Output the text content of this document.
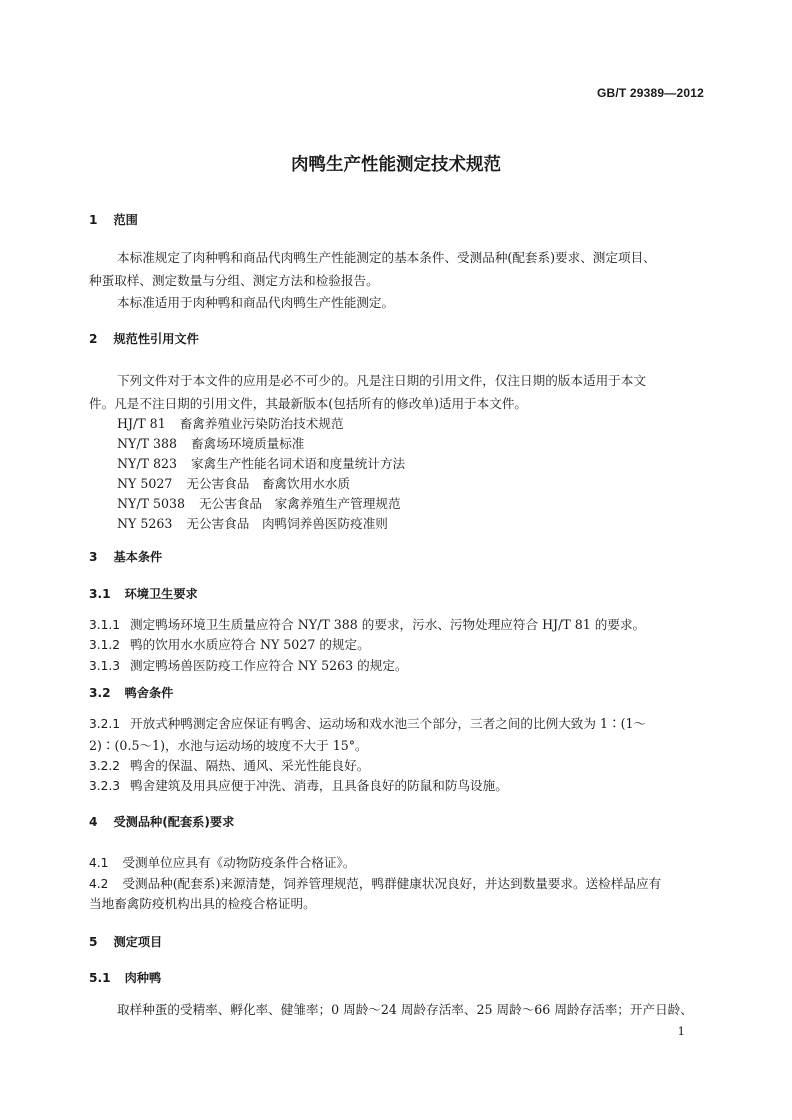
GB/T 29389—2012
肉鸭生产性能测定技术规范
1 范围
本标准规定了肉种鸭和商品代肉鸭生产性能测定的基本条件、受测品种(配套系)要求、测定项目、
种蛋取样、测定数量与分组、测定方法和检验报告。
本标准适用于肉种鸭和商品代肉鸭生产性能测定。
2 规范性引用文件
下列文件对于本文件的应用是必不可少的。凡是注日期的引用文件，仅注日期的版本适用于本文
件。凡是不注日期的引用文件，其最新版本(包括所有的修改单)适用于本文件。
HJ/T 81 畜禽养殖业污染防治技术规范
NY/T 388 畜禽场环境质量标准
NY/T 823 家禽生产性能名词术语和度量统计方法
NY 5027 无公害食品　畜禽饮用水水质
NY/T 5038 无公害食品　家禽养殖生产管理规范
NY 5263 无公害食品　肉鸭饲养兽医防疫准则
3 基本条件
3.1 环境卫生要求
3.1.1 测定鸭场环境卫生质量应符合 NY/T 388 的要求，污水、污物处理应符合 HJ/T 81 的要求。
3.1.2 鸭的饮用水水质应符合 NY 5027 的规定。
3.1.3 测定鸭场兽医防疫工作应符合 NY 5263 的规定。
3.2 鸭舍条件
3.2.1 开放式种鸭测定舍应保证有鸭舍、运动场和戏水池三个部分，三者之间的比例大致为 1∶(1～
2)∶(0.5～1)，水池与运动场的坡度不大于 15°。
3.2.2 鸭舍的保温、隔热、通风、采光性能良好。
3.2.3 鸭舍建筑及用具应便于冲洗、消毒，且具备良好的防鼠和防鸟设施。
4 受测品种(配套系)要求
4.1 受测单位应具有《动物防疫条件合格证》。
4.2 受测品种(配套系)来源清楚，饲养管理规范，鸭群健康状况良好，并达到数量要求。送检样品应有
当地畜禽防疫机构出具的检疫合格证明。
5 测定项目
5.1 肉种鸭
取样种蛋的受精率、孵化率、健雏率；0 周龄～24 周龄存活率、25 周龄～66 周龄存活率；开产日龄、
1
